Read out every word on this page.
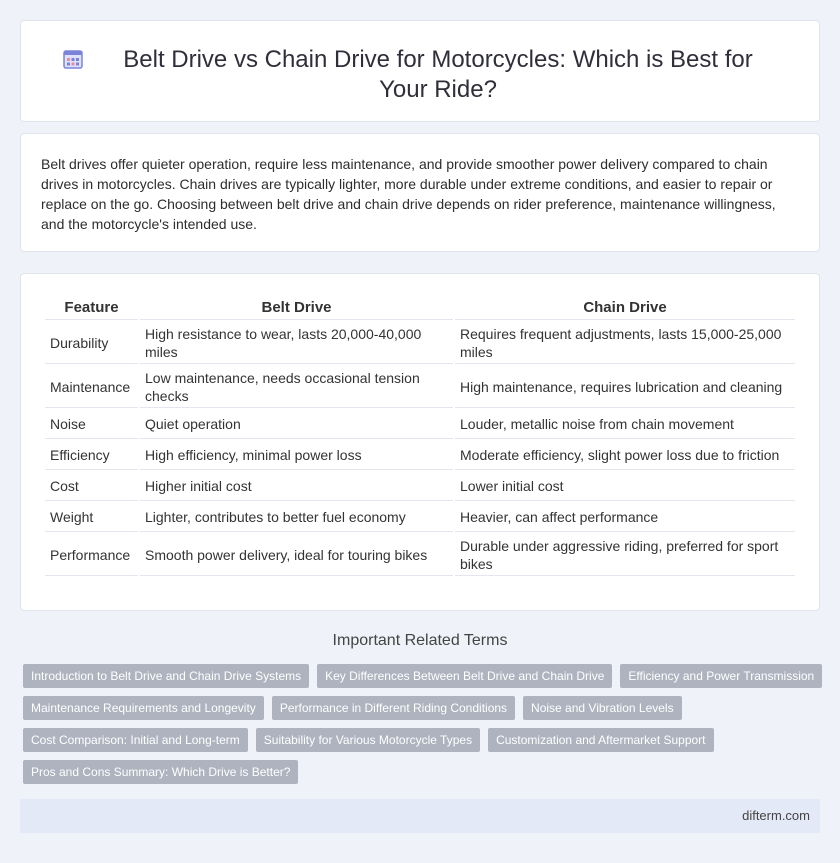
Belt Drive vs Chain Drive for Motorcycles: Which is Best for Your Ride?

Belt drives offer quieter operation, require less maintenance, and provide smoother power delivery compared to chain drives in motorcycles. Chain drives are typically lighter, more durable under extreme conditions, and easier to repair or replace on the go. Choosing between belt drive and chain drive depends on rider preference, maintenance willingness, and the motorcycle's intended use.

Feature	Belt Drive	Chain Drive
Durability	High resistance to wear, lasts 20,000-40,000 miles	Requires frequent adjustments, lasts 15,000-25,000 miles
Maintenance	Low maintenance, needs occasional tension checks	High maintenance, requires lubrication and cleaning
Noise	Quiet operation	Louder, metallic noise from chain movement
Efficiency	High efficiency, minimal power loss	Moderate efficiency, slight power loss due to friction
Cost	Higher initial cost	Lower initial cost
Weight	Lighter, contributes to better fuel economy	Heavier, can affect performance
Performance	Smooth power delivery, ideal for touring bikes	Durable under aggressive riding, preferred for sport bikes
Important Related Terms
Introduction to Belt Drive and Chain Drive Systems	Key Differences Between Belt Drive and Chain Drive	Efficiency and Power Transmission
Maintenance Requirements and Longevity	Performance in Different Riding Conditions	Noise and Vibration Levels
Cost Comparison: Initial and Long-term	Suitability for Various Motorcycle Types	Customization and Aftermarket Support
Pros and Cons Summary: Which Drive is Better?
difterm.com
